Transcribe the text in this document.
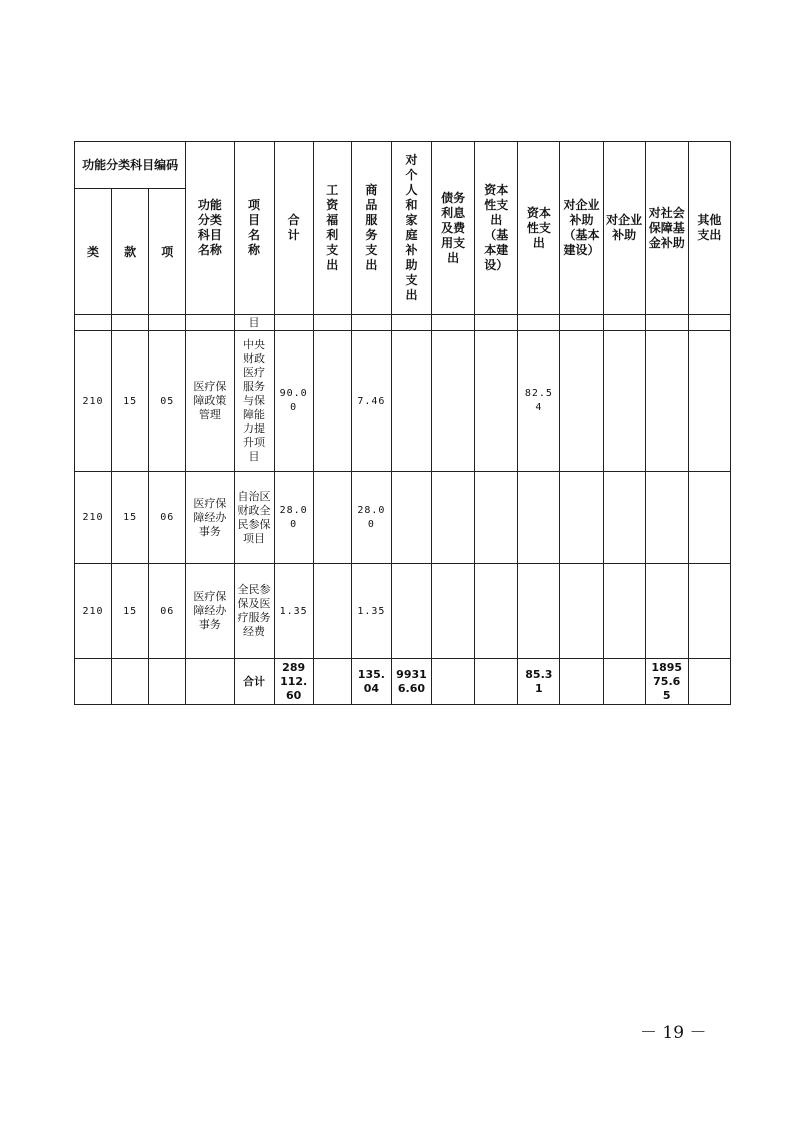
功能分类科目编码			功能分类科目名称	项目名称	合计	工资福利支出	商品服务支出	对个人和家庭补助支出	债务利息及费用支出	资本性支出（基本建设）	资本性支出	对企业补助（基本建设）	对企业补助	对社会保障基金补助	其他支出
类	款	项													
				目											
210	15	05	医疗保障政策管理	中央财政医疗服务与保障能力提升项目	90.00		7.46				82.54				
210	15	06	医疗保障经办事务	自治区财政全民参保项目	28.00		28.00								
210	15	06	医疗保障经办事务	全民参保及医疗服务经费	1.35		1.35								
				合计	289112.60		135.04	99316.60			85.31			189575.65	
－ 19 －
